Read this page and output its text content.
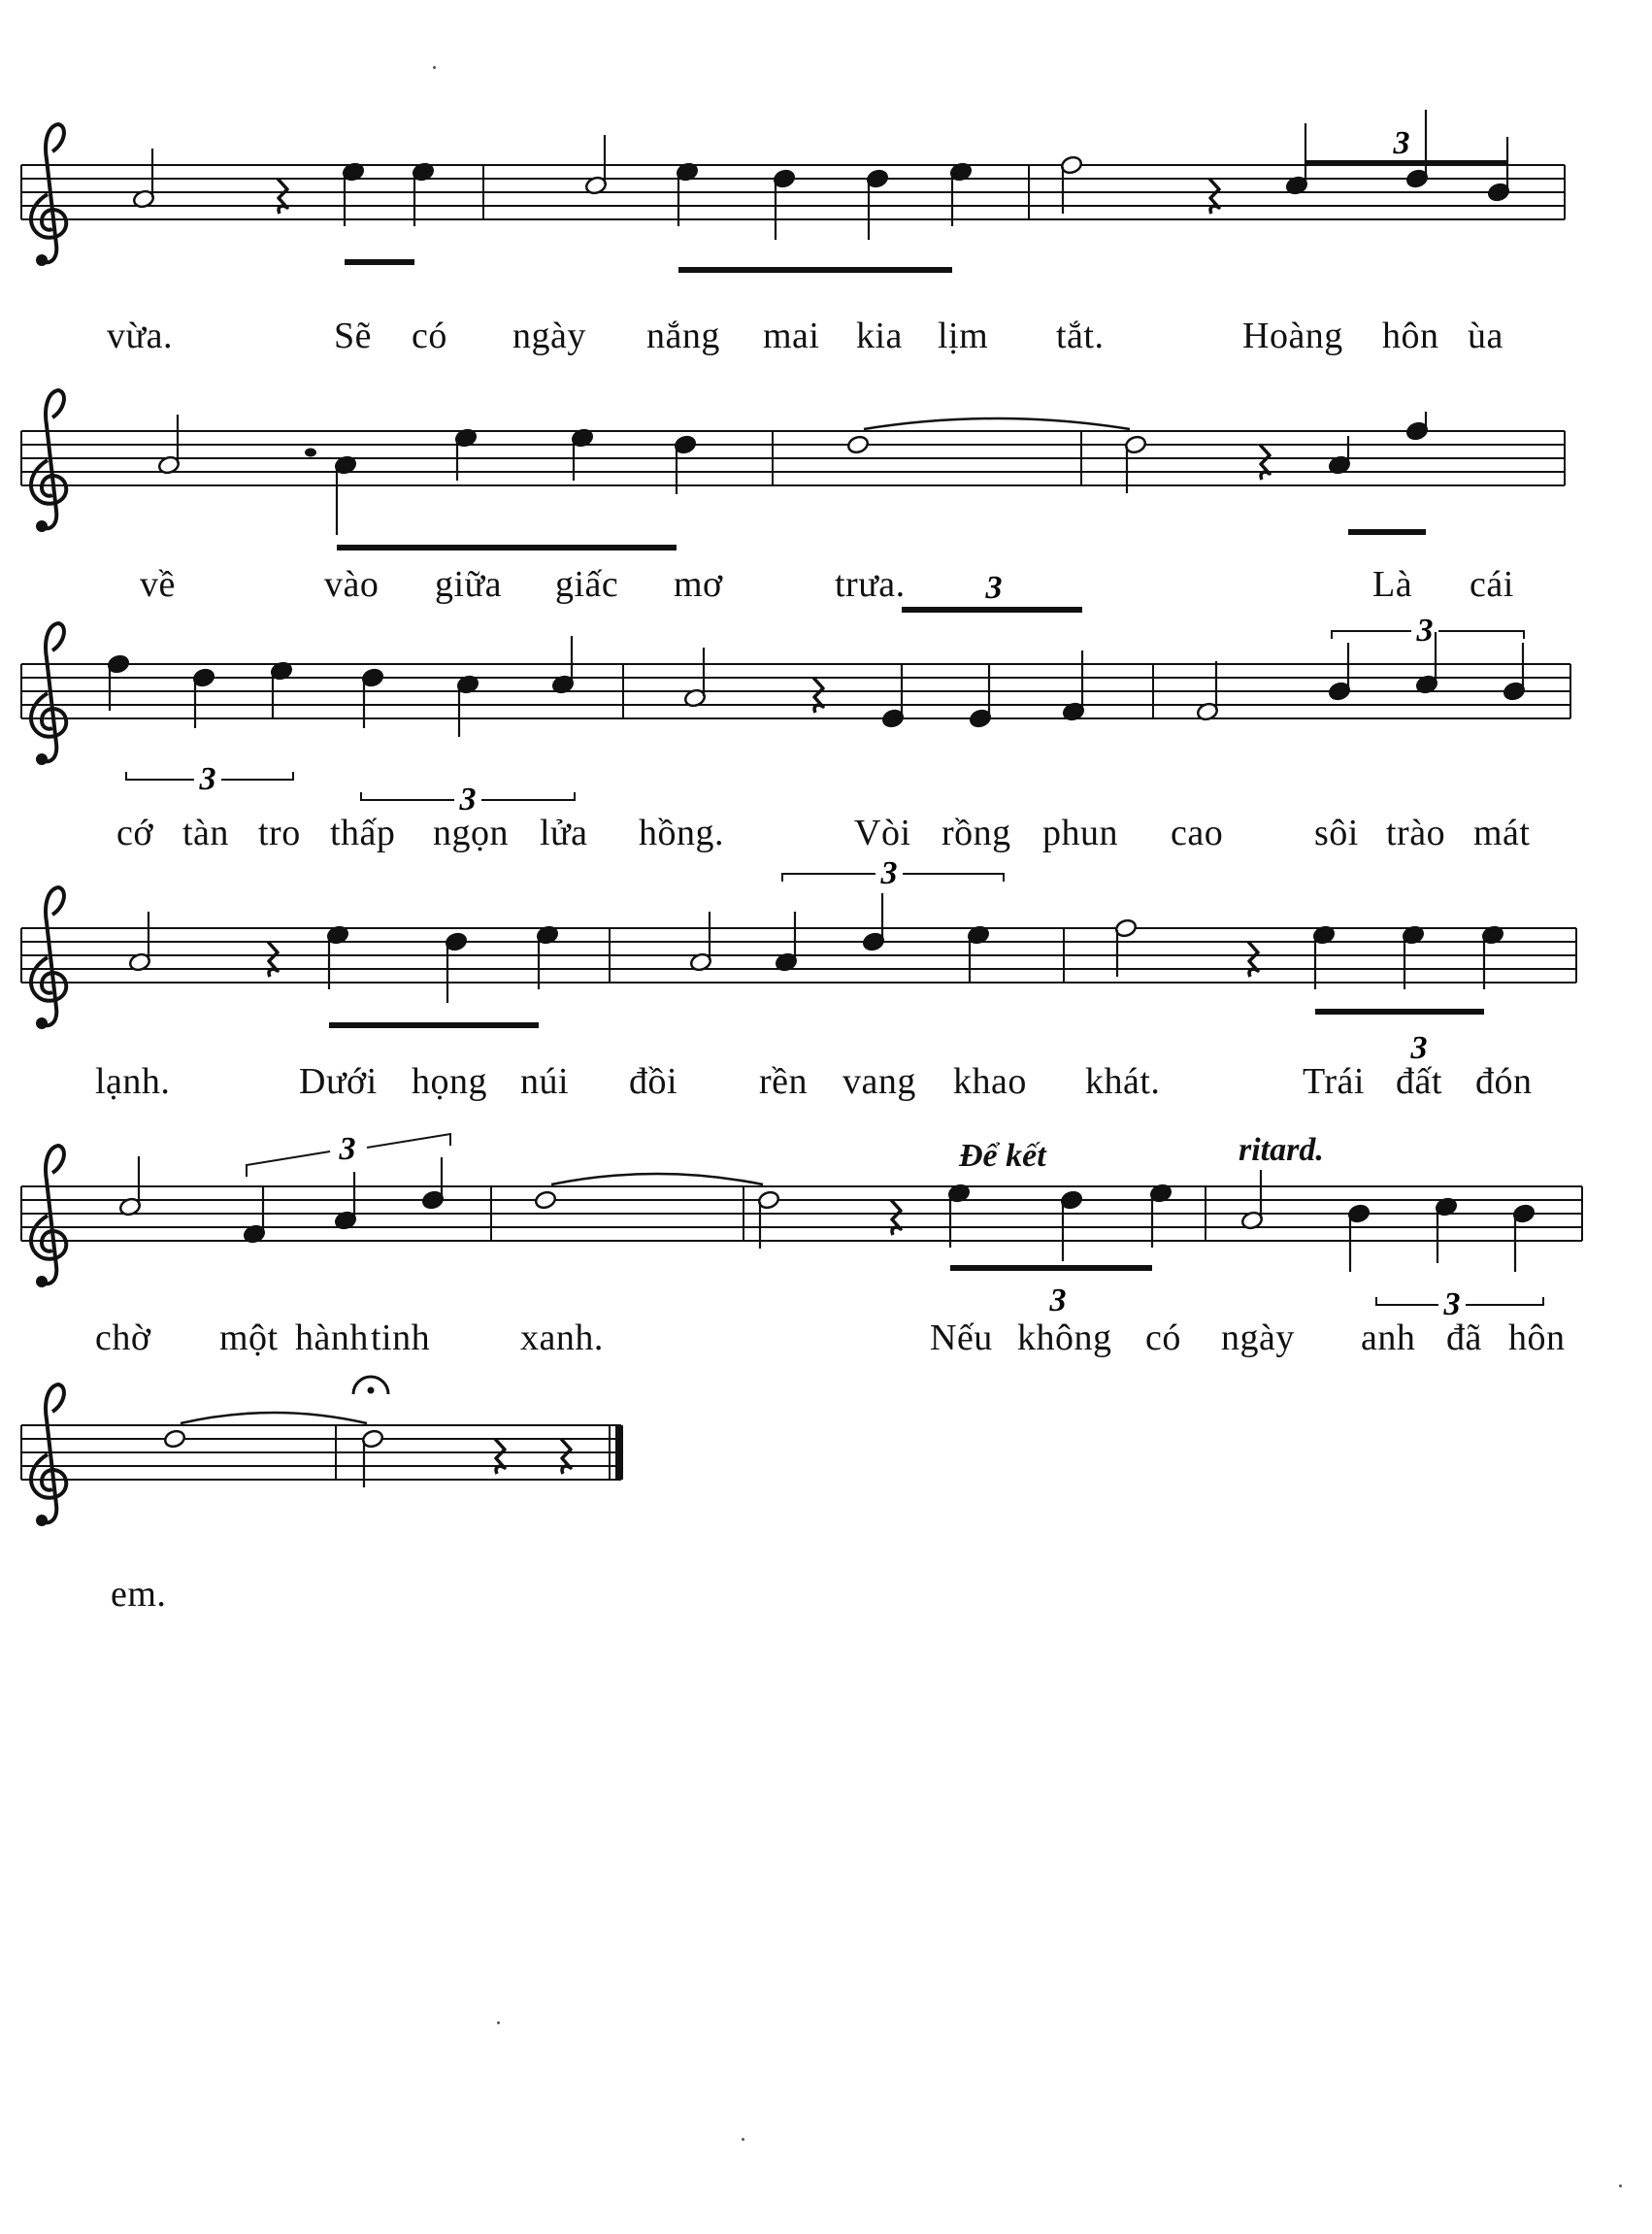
3
3
3
3
3
3
3
3
3	3
vừa.	Sẽ có ngày nắng mai kia lịm tắt.	Hoàng hôn ùa
về	vào giữa giấc mơ	trưa.	Là cái
cớ tàn tro thấp ngọn lửa hồng.	Vòi rồng phun cao sôi trào mát
lạnh.	Dưới họng núi đồi rền vang khao khát.	Trái đất đón
chờ một hành tinh xanh.	Nếu không có ngày anh đã hôn
em.
Để kết	ritard.
